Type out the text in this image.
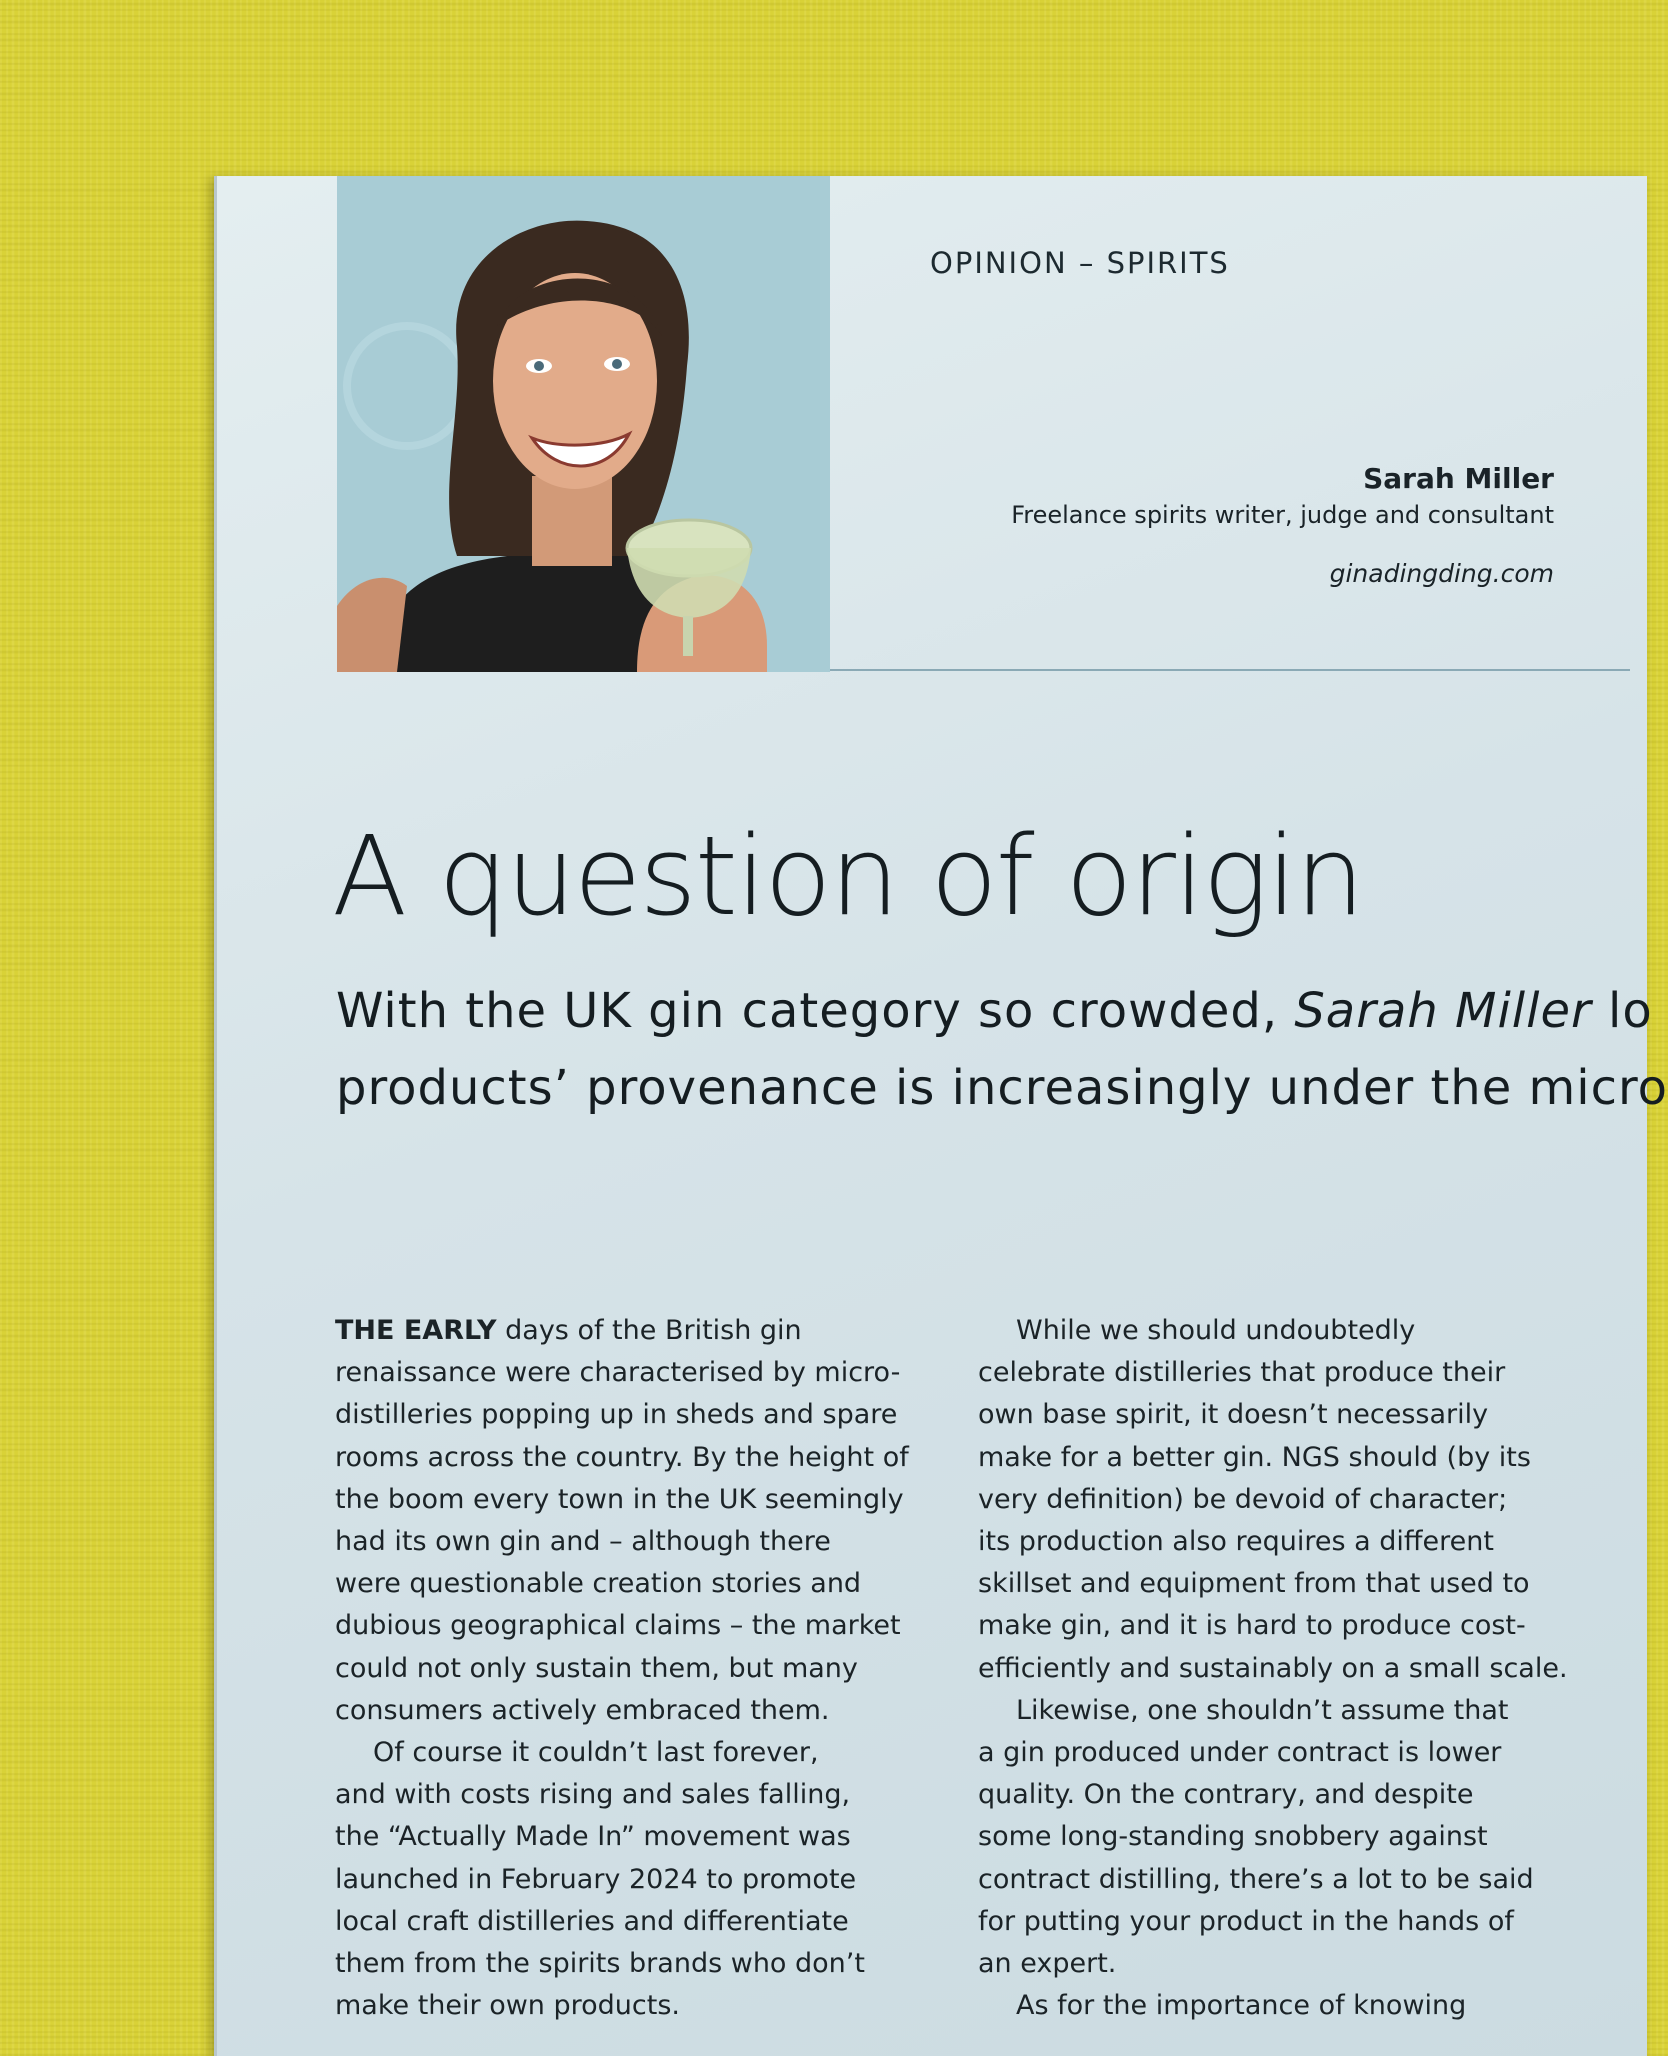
OPINION – SPIRITS
Sarah Miller
Freelance spirits writer, judge and consultant
ginadingding.com
A question of origin
With the UK gin category so crowded, Sarah Miller lo
products’ provenance is increasingly under the micro

THE EARLY days of the British gin
renaissance were characterised by micro-
distilleries popping up in sheds and spare
rooms across the country. By the height of
the boom every town in the UK seemingly
had its own gin and – although there
were questionable creation stories and
dubious geographical claims – the market
could not only sustain them, but many
consumers actively embraced them.

Of course it couldn’t last forever,
and with costs rising and sales falling,
the “Actually Made In” movement was
launched in February 2024 to promote
local craft distilleries and differentiate
them from the spirits brands who don’t
make their own products.

While we should undoubtedly
celebrate distilleries that produce their
own base spirit, it doesn’t necessarily
make for a better gin. NGS should (by its
very definition) be devoid of character;
its production also requires a different
skillset and equipment from that used to
make gin, and it is hard to produce cost-
efficiently and sustainably on a small scale.

Likewise, one shouldn’t assume that
a gin produced under contract is lower
quality. On the contrary, and despite
some long-standing snobbery against
contract distilling, there’s a lot to be said
for putting your product in the hands of
an expert.

As for the importance of knowing
